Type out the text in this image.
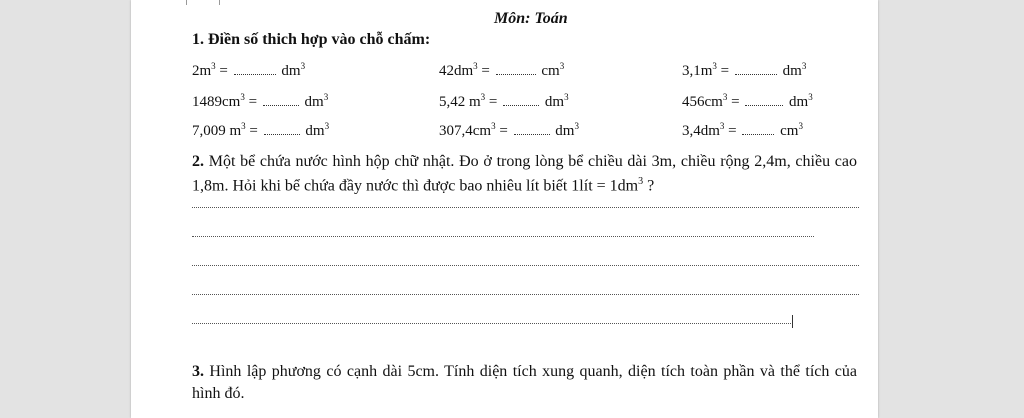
Môn: Toán
1. Điền số thich hợp vào chỗ chấm:
$2m^3$ =	$dm^3$	$42dm^3$ =	$cm^3$	$3,1m^3$ =	$dm^3$
$1489cm^3$ =	$dm^3$	5,42 $m^3$ =	$dm^3$	$456cm^3$ =	$dm^3$
7,009 $m^3$ =	$dm^3$	$307,4cm^3$ =	$dm^3$	$3,4dm^3 = cm^3$
2. Một bể chứa nước hình hộp chữ nhật. Đo ở trong lòng bể chiều dài 3m, chiều rộng 2,4m, chiều cao 1,8m. Hỏi khi bể chứa đầy nước thì được bao nhiêu lít biết 1lít = $1dm^3$ ?
3. Hình lập phương có cạnh dài 5cm. Tính diện tích xung quanh, diện tích toàn phần và thể tích của hình đó.
